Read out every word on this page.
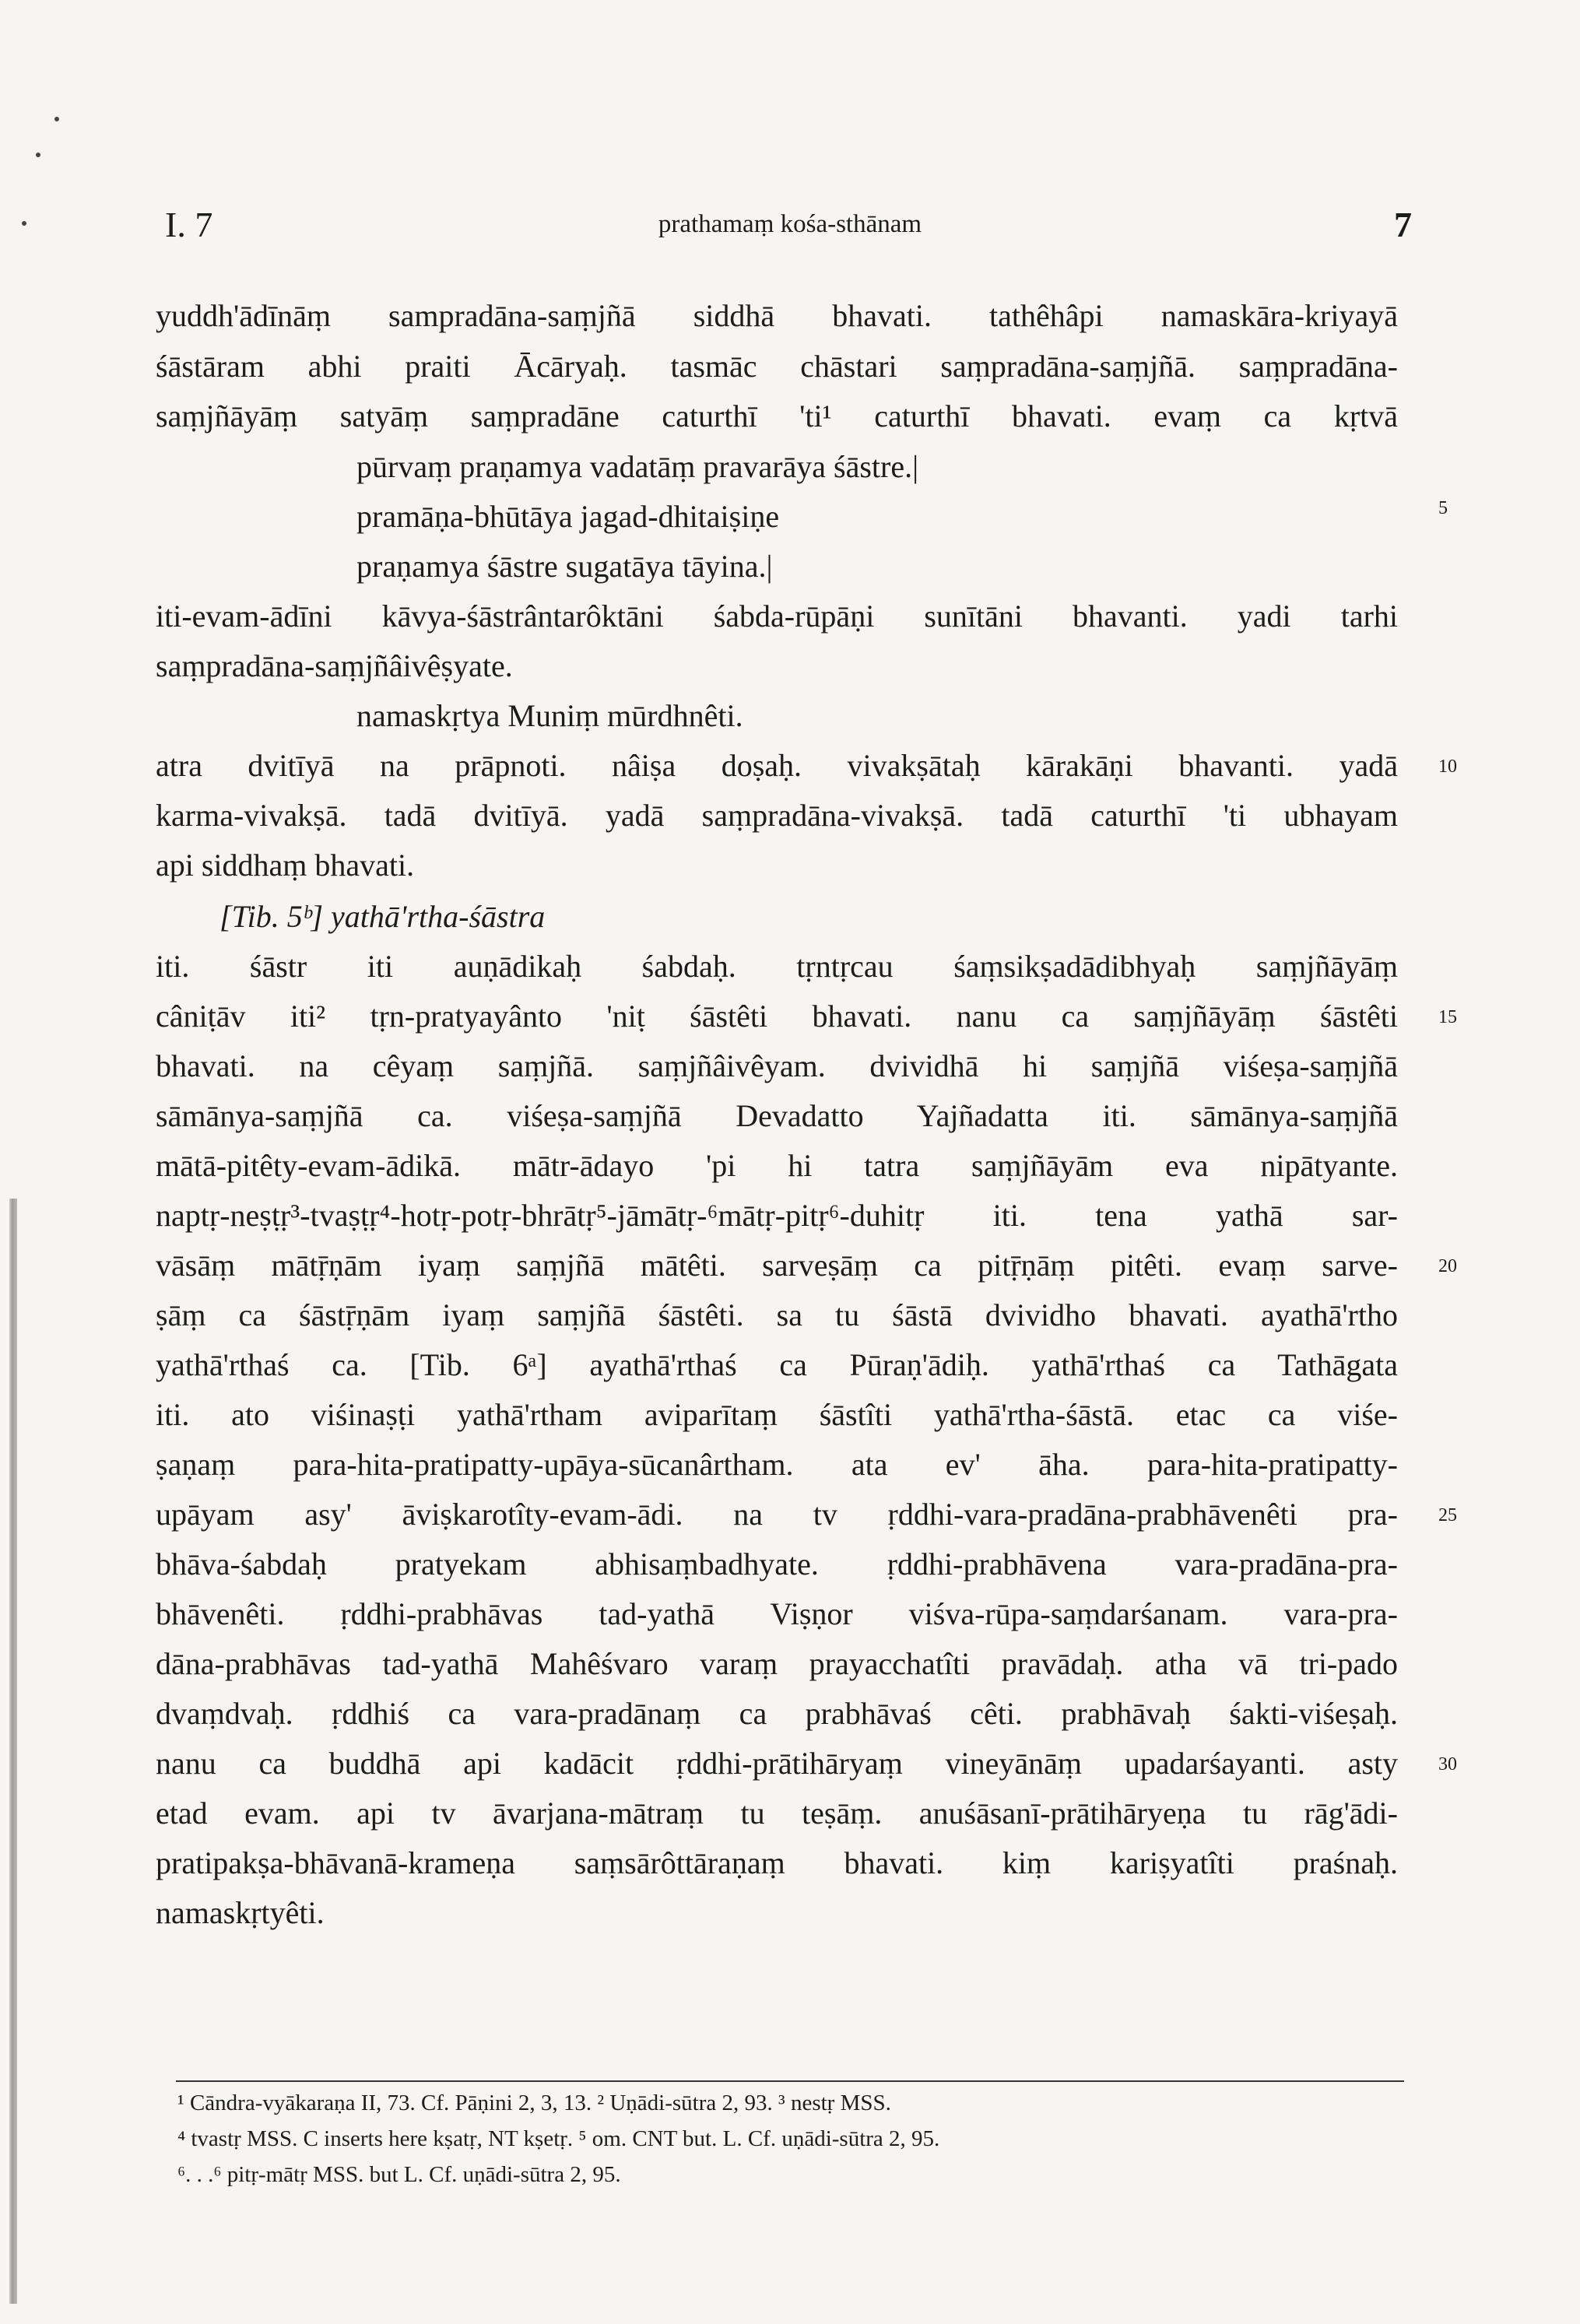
I. 7	prathamaṃ kośa-sthānam	7
yuddh'ādīnāṃ sampradāna-saṃjñā siddhā bhavati. tathêhâpi namaskāra-kriyayā
śāstāram abhi praiti Ācāryaḥ. tasmāc chāstari saṃpradāna-saṃjñā. saṃpradāna-
saṃjñāyāṃ satyāṃ saṃpradāne caturthī 'ti¹ caturthī bhavati. evaṃ ca kṛtvā
pūrvaṃ praṇamya vadatāṃ pravarāya śāstre.|
pramāṇa-bhūtāya jagad-dhitaiṣiṇe
praṇamya śāstre sugatāya tāyina.|
iti-evam-ādīni kāvya-śāstrântarôktāni śabda-rūpāṇi sunītāni bhavanti. yadi tarhi
saṃpradāna-saṃjñâivêṣyate.
namaskṛtya Muniṃ mūrdhnêti.
atra dvitīyā na prāpnoti. nâiṣa doṣaḥ. vivakṣātaḥ kārakāṇi bhavanti. yadā
karma-vivakṣā. tadā dvitīyā. yadā saṃpradāna-vivakṣā. tadā caturthī 'ti ubhayam
api siddhaṃ bhavati.
[Tib. 5ᵇ] yathā'rtha-śāstra
iti. śāstr iti auṇādikaḥ śabdaḥ. tṛntṛcau śaṃsikṣadādibhyaḥ saṃjñāyāṃ
câniṭāv iti² tṛn-pratyayânto 'niṭ śāstêti bhavati. nanu ca saṃjñāyāṃ śāstêti
bhavati. na cêyaṃ saṃjñā. saṃjñâivêyam. dvividhā hi saṃjñā viśeṣa-saṃjñā
sāmānya-saṃjñā ca. viśeṣa-saṃjñā Devadatto Yajñadatta iti. sāmānya-saṃjñā
mātā-pitêty-evam-ādikā. mātr-ādayo 'pi hi tatra saṃjñāyām eva nipātyante.
naptṛ-neṣṭṛ³-tvaṣṭṛ⁴-hotṛ-potṛ-bhrātṛ⁵-jāmātṛ-⁶mātṛ-pitṛ⁶-duhitṛ iti. tena yathā sar-
vāsāṃ mātṝṇām iyaṃ saṃjñā mātêti. sarveṣāṃ ca pitṝṇāṃ pitêti. evaṃ sarve-
ṣāṃ ca śāstṝṇām iyaṃ saṃjñā śāstêti. sa tu śāstā dvividho bhavati. ayathā'rtho
yathā'rthaś ca. [Tib. 6ᵃ] ayathā'rthaś ca Pūraṇ'ādiḥ. yathā'rthaś ca Tathāgata
iti. ato viśinaṣṭi yathā'rtham aviparītaṃ śāstîti yathā'rtha-śāstā. etac ca viśe-
ṣaṇaṃ para-hita-pratipatty-upāya-sūcanârtham. ata ev' āha. para-hita-pratipatty-
upāyam asy' āviṣkarotîty-evam-ādi. na tv ṛddhi-vara-pradāna-prabhāvenêti pra-
bhāva-śabdaḥ pratyekam abhisaṃbadhyate. ṛddhi-prabhāvena vara-pradāna-pra-
bhāvenêti. ṛddhi-prabhāvas tad-yathā Viṣṇor viśva-rūpa-saṃdarśanam. vara-pra-
dāna-prabhāvas tad-yathā Mahêśvaro varaṃ prayacchatîti pravādaḥ. atha vā tri-pado
dvaṃdvaḥ. ṛddhiś ca vara-pradānaṃ ca prabhāvaś cêti. prabhāvaḥ śakti-viśeṣaḥ.
nanu ca buddhā api kadācit ṛddhi-prātihāryaṃ vineyānāṃ upadarśayanti. asty
etad evam. api tv āvarjana-mātraṃ tu teṣāṃ. anuśāsanī-prātihāryeṇa tu rāg'ādi-
pratipakṣa-bhāvanā-krameṇa saṃsārôttāraṇaṃ bhavati. kiṃ kariṣyatîti praśnaḥ.
namaskṛtyêti.
5
10
15
20
25
30
¹ Cāndra-vyākaraṇa II, 73. Cf. Pāṇini 2, 3, 13. ² Uṇādi-sūtra 2, 93. ³ nestṛ MSS.
⁴ tvastṛ MSS. C inserts here kṣatṛ, NT kṣetṛ. ⁵ om. CNT but. L. Cf. uṇādi-sūtra 2, 95.
⁶. . .⁶ pitṛ-mātṛ MSS. but L. Cf. uṇādi-sūtra 2, 95.
